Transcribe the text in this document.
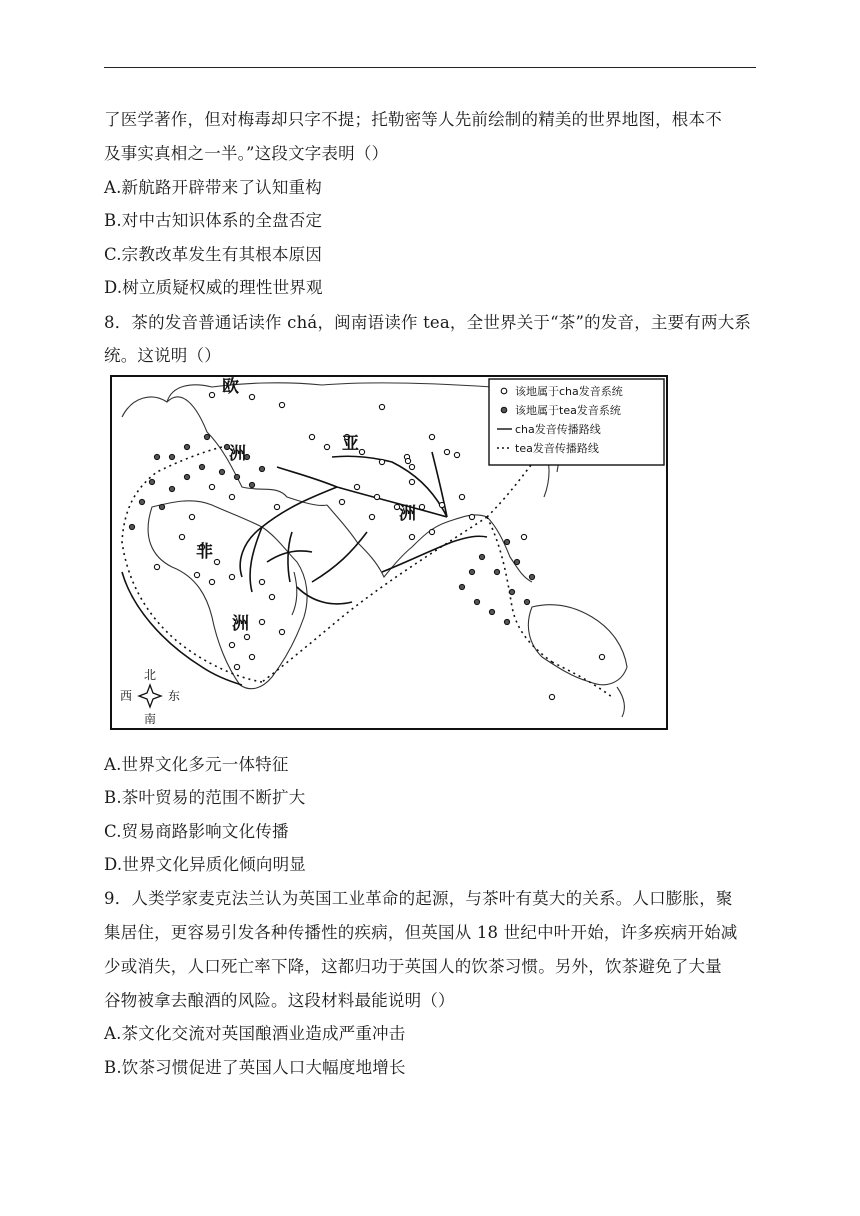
了医学著作，但对梅毒却只字不提；托勒密等人先前绘制的精美的世界地图，根本不
及事实真相之一半。”这段文字表明（）
A.新航路开辟带来了认知重构
B.对中古知识体系的全盘否定
C.宗教改革发生有其根本原因
D.树立质疑权威的理性世界观
8．茶的发音普通话读作 chá，闽南语读作 tea，全世界关于“茶”的发音，主要有两大系
统。这说明（）
欧
洲	亚
洲
非
洲
该地属于cha发音系统
该地属于tea发音系统
cha发音传播路线
tea发音传播路线
北
南
西	东
A.世界文化多元一体特征
B.茶叶贸易的范围不断扩大
C.贸易商路影响文化传播
D.世界文化异质化倾向明显
9．人类学家麦克法兰认为英国工业革命的起源，与茶叶有莫大的关系。人口膨胀，聚
集居住，更容易引发各种传播性的疾病，但英国从 18 世纪中叶开始，许多疾病开始减
少或消失，人口死亡率下降，这都归功于英国人的饮茶习惯。另外，饮茶避免了大量
谷物被拿去酿酒的风险。这段材料最能说明（）
A.茶文化交流对英国酿酒业造成严重冲击
B.饮茶习惯促进了英国人口大幅度地增长
